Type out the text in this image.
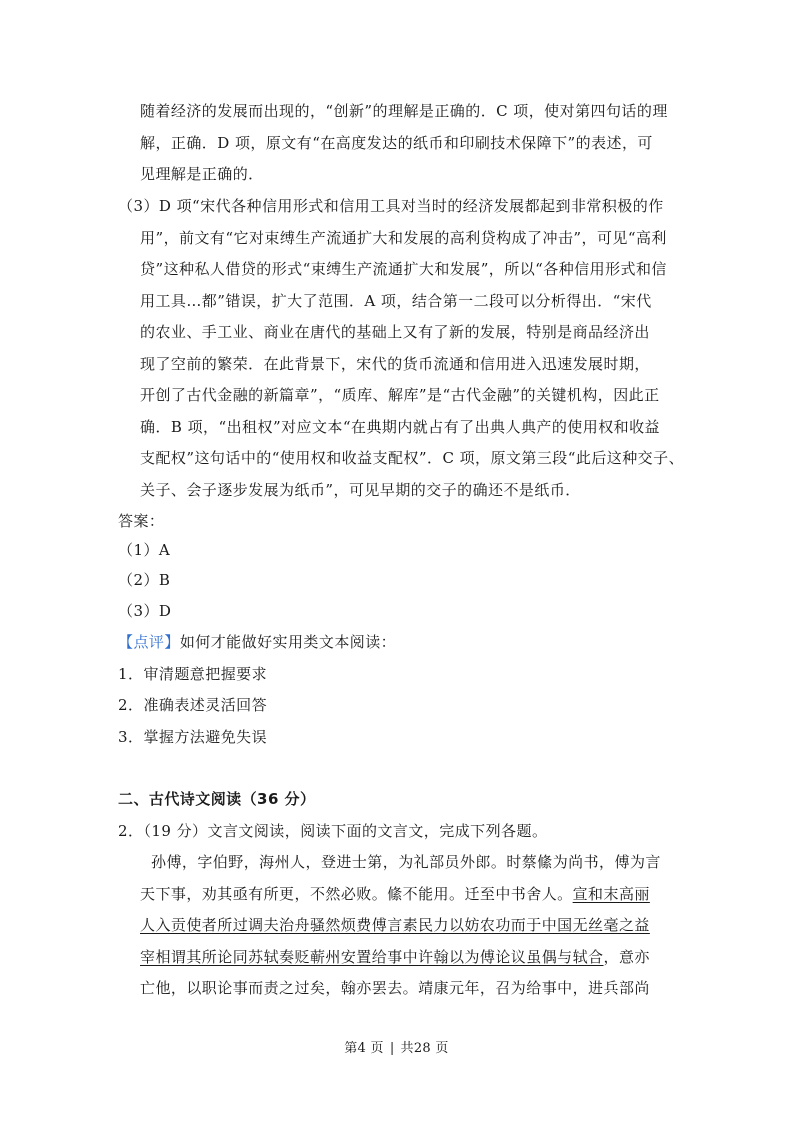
随着经济的发展而出现的，“创新”的理解是正确的．C 项，使对第四句话的理
解，正确．D 项，原文有“在高度发达的纸币和印刷技术保障下”的表述，可
见理解是正确的．
（3）D 项“宋代各种信用形式和信用工具对当时的经济发展都起到非常积极的作
用”，前文有“它对束缚生产流通扩大和发展的高利贷构成了冲击”，可见“高利
贷”这种私人借贷的形式“束缚生产流通扩大和发展”，所以“各种信用形式和信
用工具…都”错误，扩大了范围．A 项，结合第一二段可以分析得出．“宋代
的农业、手工业、商业在唐代的基础上又有了新的发展，特别是商品经济出
现了空前的繁荣．在此背景下，宋代的货币流通和信用进入迅速发展时期，
开创了古代金融的新篇章”，“质库、解库”是“古代金融”的关键机构，因此正
确．B 项，“出租权”对应文本“在典期内就占有了出典人典产的使用权和收益
支配权”这句话中的“使用权和收益支配权”．C 项，原文第三段“此后这种交子、
关子、会子逐步发展为纸币”，可见早期的交子的确还不是纸币．
答案：
（1）A
（2）B
（3）D
【点评】如何才能做好实用类文本阅读：
1．审清题意把握要求
2．准确表述灵活回答
3．掌握方法避免失误
二、古代诗文阅读（36 分）
2．（19 分）文言文阅读，阅读下面的文言文，完成下列各题。
孙傅，字伯野，海州人，登进士第，为礼部员外郎。时蔡絛为尚书，傅为言
天下事，劝其亟有所更，不然必败。絛不能用。迁至中书舍人。宣和末高丽
人入贡使者所过调夫治舟骚然烦费傅言素民力以妨农功而于中国无丝毫之益
宰相谓其所论同苏轼奏贬蕲州安置给事中许翰以为傅论议虽偶与轼合，意亦
亡他，以职论事而责之过矣，翰亦罢去。靖康元年，召为给事中，进兵部尚
第4 页 | 共28 页
